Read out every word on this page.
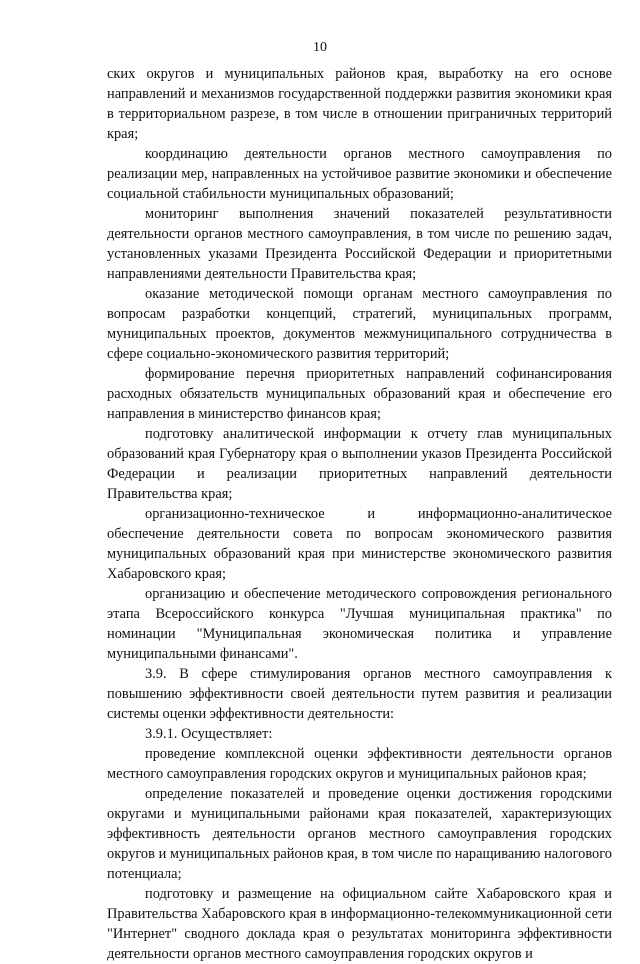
10

ских округов и муниципальных районов края, выработку на его основе направлений и механизмов государственной поддержки развития экономики края в территориальном разрезе, в том числе в отношении приграничных территорий края;

координацию деятельности органов местного самоуправления по реализации мер, направленных на устойчивое развитие экономики и обеспечение социальной стабильности муниципальных образований;

мониторинг выполнения значений показателей результативности деятельности органов местного самоуправления, в том числе по решению задач, установленных указами Президента Российской Федерации и приоритетными направлениями деятельности Правительства края;

оказание методической помощи органам местного самоуправления по вопросам разработки концепций, стратегий, муниципальных программ, муниципальных проектов, документов межмуниципального сотрудничества в сфере социально-экономического развития территорий;

формирование перечня приоритетных направлений софинансирования расходных обязательств муниципальных образований края и обеспечение его направления в министерство финансов края;

подготовку аналитической информации к отчету глав муниципальных образований края Губернатору края о выполнении указов Президента Российской Федерации и реализации приоритетных направлений деятельности Правительства края;

организационно-техническое и информационно-аналитическое обеспечение деятельности совета по вопросам экономического развития муниципальных образований края при министерстве экономического развития Хабаровского края;

организацию и обеспечение методического сопровождения регионального этапа Всероссийского конкурса "Лучшая муниципальная практика" по номинации "Муниципальная экономическая политика и управление муниципальными финансами".

3.9. В сфере стимулирования органов местного самоуправления к повышению эффективности своей деятельности путем развития и реализации системы оценки эффективности деятельности:

3.9.1. Осуществляет:

проведение комплексной оценки эффективности деятельности органов местного самоуправления городских округов и муниципальных районов края;

определение показателей и проведение оценки достижения городскими округами и муниципальными районами края показателей, характеризующих эффективность деятельности органов местного самоуправления городских округов и муниципальных районов края, в том числе по наращиванию налогового потенциала;

подготовку и размещение на официальном сайте Хабаровского края и Правительства Хабаровского края в информационно-телекоммуникационной сети "Интернет" сводного доклада края о результатах мониторинга эффективности деятельности органов местного самоуправления городских округов и
